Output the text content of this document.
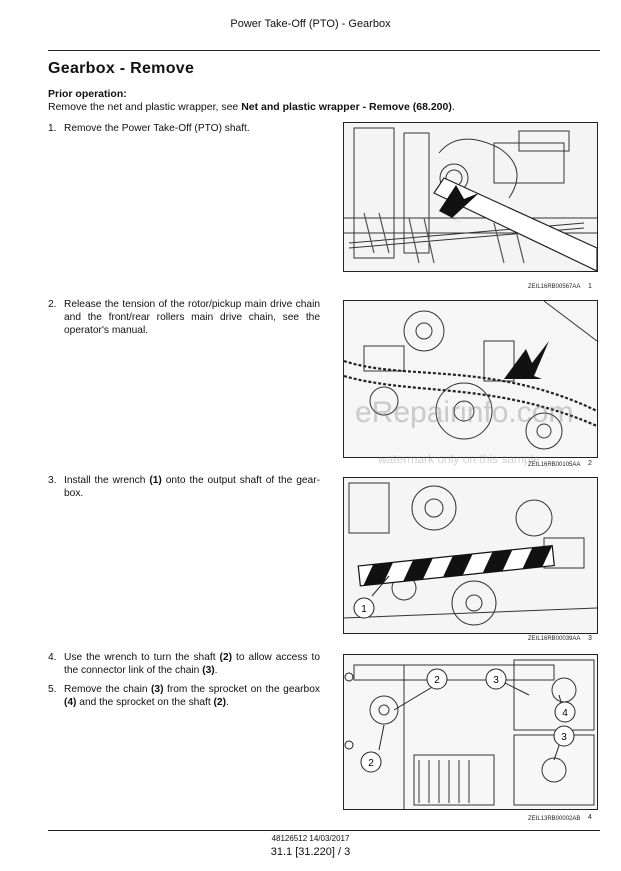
Power Take-Off (PTO) - Gearbox
Gearbox - Remove
Prior operation:
Remove the net and plastic wrapper, see Net and plastic wrapper - Remove (68.200).
1. Remove the Power Take-Off (PTO) shaft.
2. Release the tension of the rotor/pickup main drive chain and the front/rear rollers main drive chain, see the operator's manual.
3. Install the wrench (1) onto the output shaft of the gear-box.
4. Use the wrench to turn the shaft (2) to allow access to the connector link of the chain (3).
5. Remove the chain (3) from the sprocket on the gearbox (4) and the sprocket on the shaft (2).
ZEIL16RB00567AA 1
ZEIL16RB00105AA 2
1
ZEIL16RB00039AA 3
2	3
4
3
2
ZEIL13RB00002AB 4
eRepairinfo.com
watermark only on this sample
48126512 14/03/2017
31.1 [31.220] / 3
